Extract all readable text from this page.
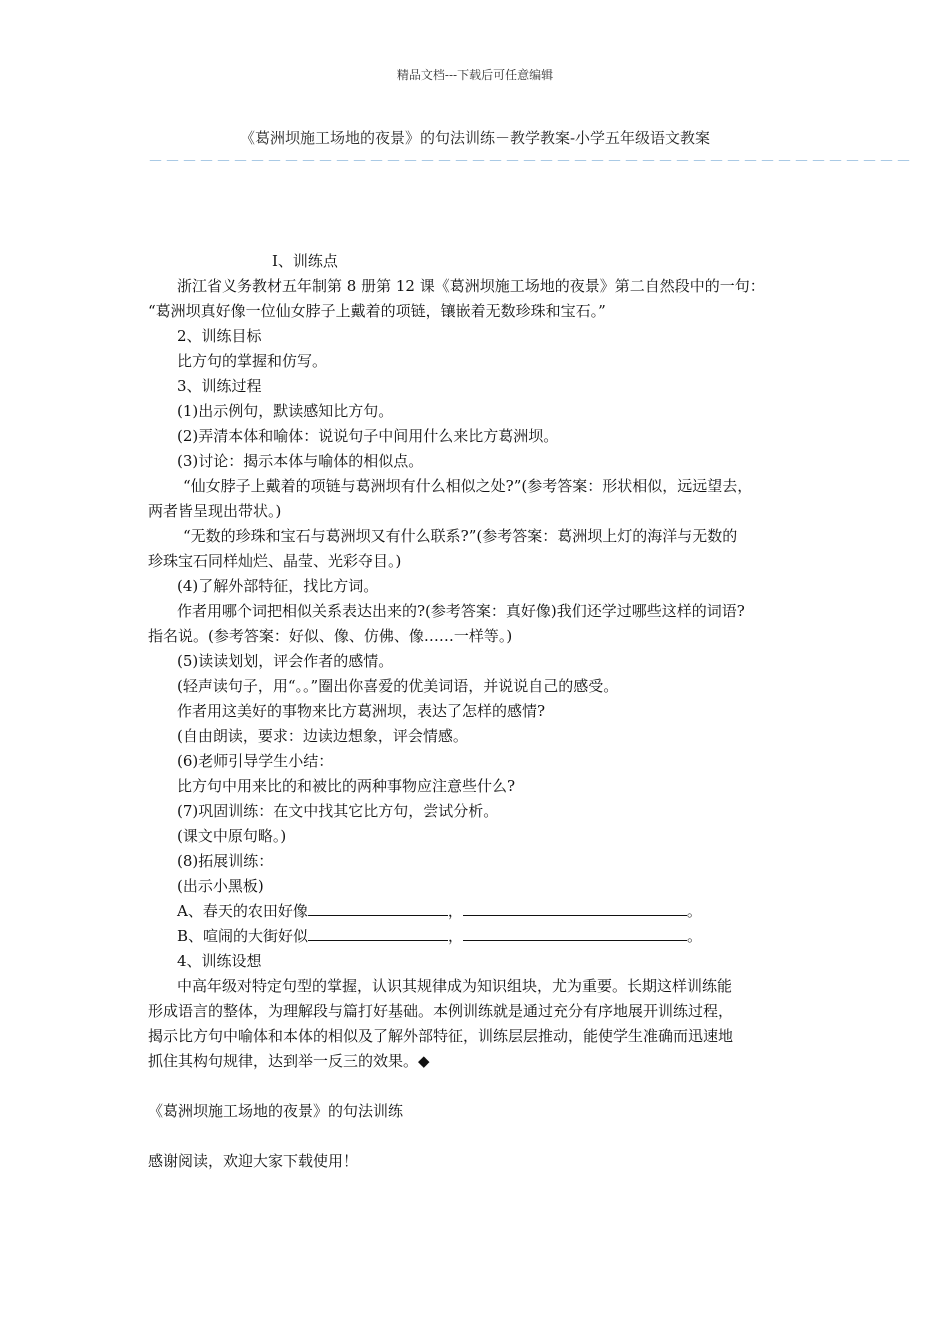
精品文档---下载后可任意编辑
《葛洲坝施工场地的夜景》的句法训练－教学教案-小学五年级语文教案
－－－－－－－－－－－－－－－－－－－－－－－－－－－－－－－－－－－－－－－－－－－－－
I、训练点
浙江省义务教材五年制第 8 册第 12 课《葛洲坝施工场地的夜景》第二自然段中的一句：
“葛洲坝真好像一位仙女脖子上戴着的项链，镶嵌着无数珍珠和宝石。”
2、训练目标
比方句的掌握和仿写。
3、训练过程
(1)出示例句，默读感知比方句。
(2)弄清本体和喻体：说说句子中间用什么来比方葛洲坝。
(3)讨论：揭示本体与喻体的相似点。
“仙女脖子上戴着的项链与葛洲坝有什么相似之处?”(参考答案：形状相似，远远望去，
两者皆呈现出带状。)
“无数的珍珠和宝石与葛洲坝又有什么联系?”(参考答案：葛洲坝上灯的海洋与无数的
珍珠宝石同样灿烂、晶莹、光彩夺目。)
(4)了解外部特征，找比方词。
作者用哪个词把相似关系表达出来的?(参考答案：真好像)我们还学过哪些这样的词语?
指名说。(参考答案：好似、像、仿佛、像……一样等。)
(5)读读划划，评会作者的感情。
(轻声读句子，用“。。”圈出你喜爱的优美词语，并说说自己的感受。
作者用这美好的事物来比方葛洲坝，表达了怎样的感情?
(自由朗读，要求：边读边想象，评会情感。
(6)老师引导学生小结：
比方句中用来比的和被比的两种事物应注意些什么?
(7)巩固训练：在文中找其它比方句，尝试分析。
(课文中原句略。)
(8)拓展训练：
(出示小黑板)
A、春天的农田好像	，	。
B、喧闹的大街好似	，	。
4、训练设想
中高年级对特定句型的掌握，认识其规律成为知识组块，尤为重要。长期这样训练能
形成语言的整体，为理解段与篇打好基础。本例训练就是通过充分有序地展开训练过程，
揭示比方句中喻体和本体的相似及了解外部特征，训练层层推动，能使学生准确而迅速地
抓住其构句规律，达到举一反三的效果。◆
《葛洲坝施工场地的夜景》的句法训练
感谢阅读，欢迎大家下载使用！
